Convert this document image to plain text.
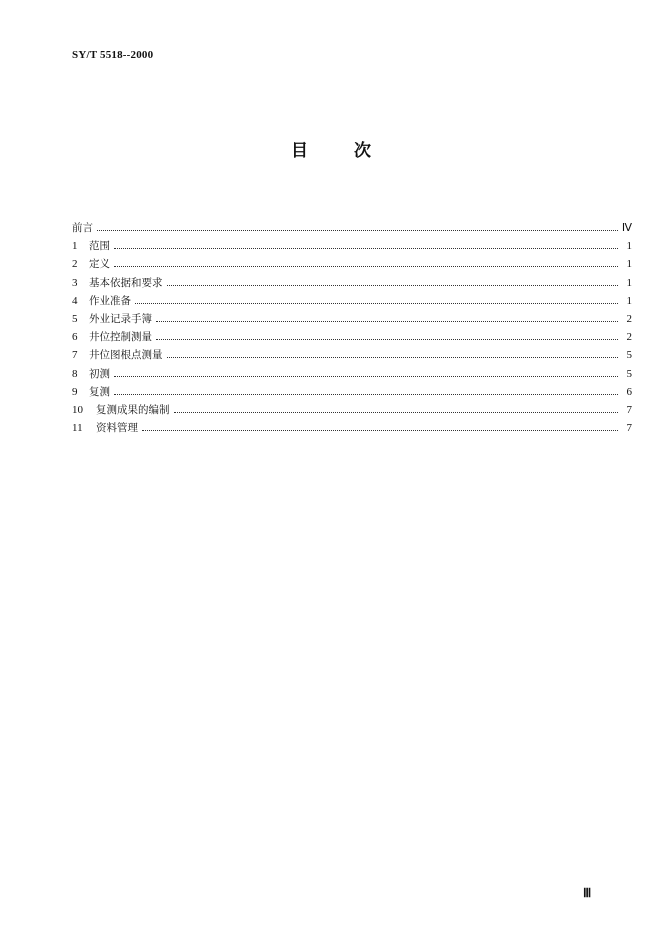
SY/T 5518--2000
目	次
前言	Ⅳ
1	范围	1
2	定义	1
3	基本依据和要求	1
4	作业准备	1
5	外业记录手簿	2
6	井位控制测量	2
7	井位图根点测量	5
8	初测	5
9	复测	6
10	复测成果的编制	7
11	资料管理	7
Ⅲ
